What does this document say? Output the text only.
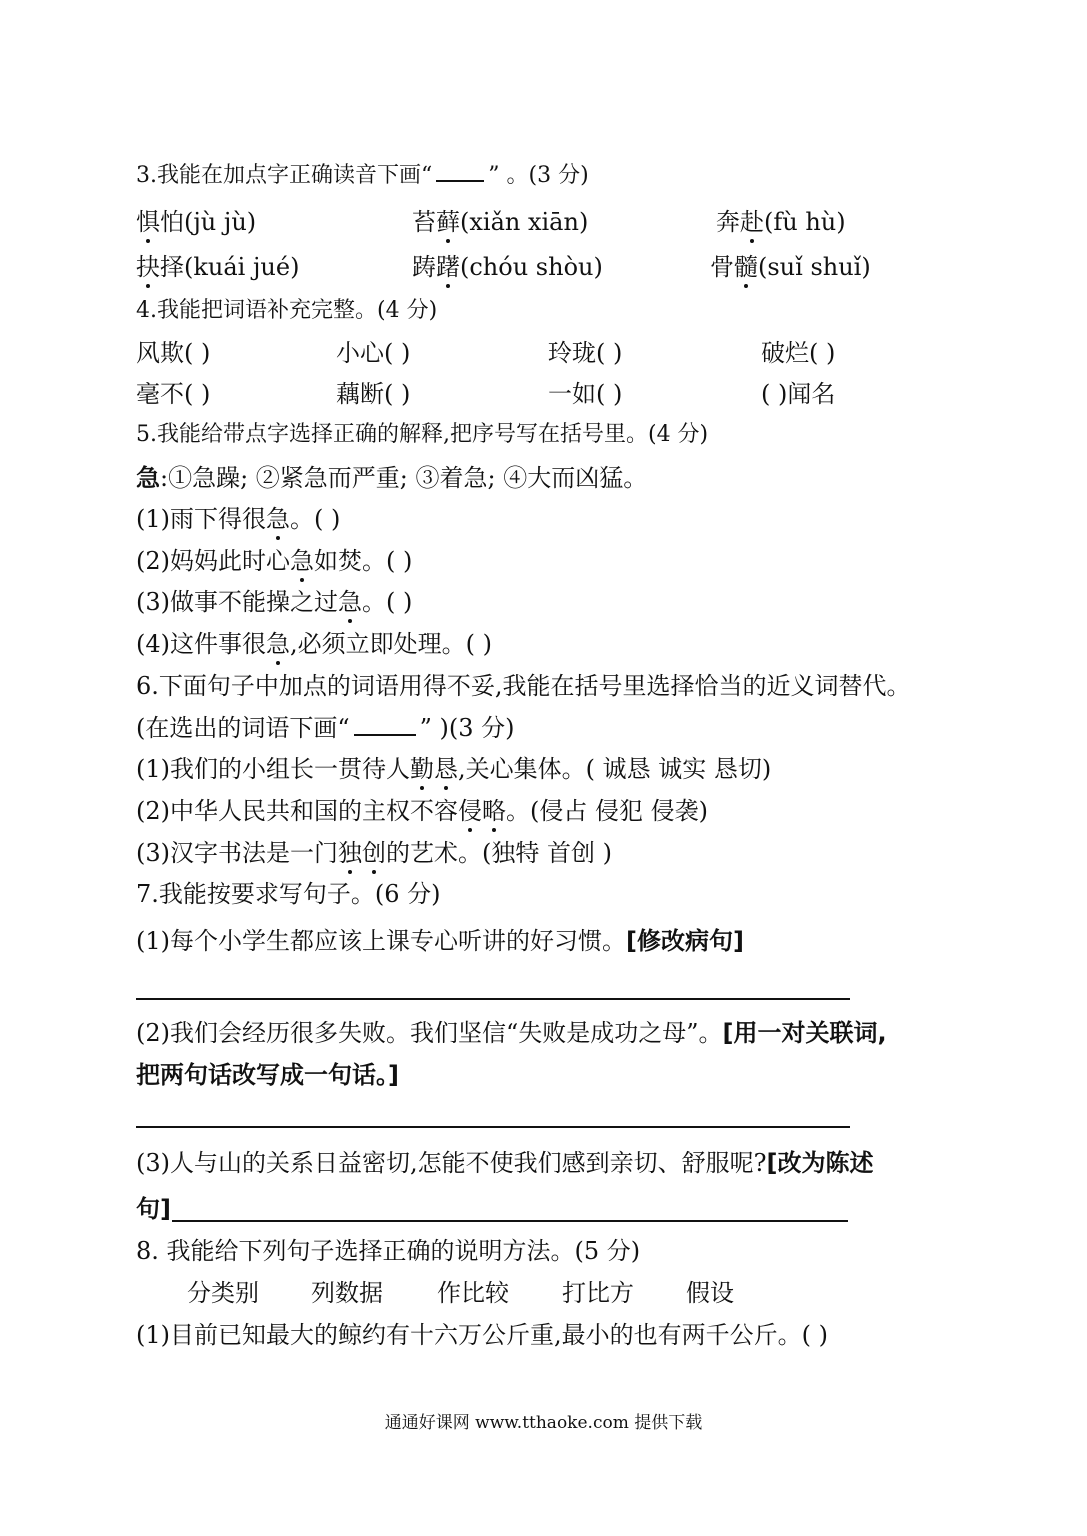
3.我能在加点字正确读音下画“	” 。(3 分)
惧怕(jù jù)	苔藓(xiǎn xiān)	奔赴(fù hù)
抉择(kuái jué)	踌躇(chóu shòu)	骨髓(suǐ shuǐ)
4.我能把词语补充完整。(4 分)
风欺( )	小心( )	玲珑( )	破烂( )
毫不( )	藕断( )	一如( )	( )闻名
5.我能给带点字选择正确的解释,把序号写在括号里。(4 分)
急:①急躁; ②紧急而严重; ③着急; ④大而凶猛。
(1)雨下得很急。( )
(2)妈妈此时心急如焚。( )
(3)做事不能操之过急。( )
(4)这件事很急,必须立即处理。( )
6.下面句子中加点的词语用得不妥,我能在括号里选择恰当的近义词替代。
(在选出的词语下画“	” )(3 分)
(1)我们的小组长一贯待人勤恳,关心集体。( 诚恳 诚实 恳切)
(2)中华人民共和国的主权不容侵略。(侵占 侵犯 侵袭)
(3)汉字书法是一门独创的艺术。(独特 首创 )
7.我能按要求写句子。(6 分)
(1)每个小学生都应该上课专心听讲的好习惯。[修改病句]
(2)我们会经历很多失败。我们坚信“失败是成功之母”。[用一对关联词,
把两句话改写成一句话。]
(3)人与山的关系日益密切,怎能不使我们感到亲切、舒服呢?[改为陈述
句]
8. 我能给下列句子选择正确的说明方法。(5 分)
分类别 列数据 作比较 打比方 假设
(1)目前已知最大的鲸约有十六万公斤重,最小的也有两千公斤。( )
通通好课网 www.tthaoke.com 提供下载
